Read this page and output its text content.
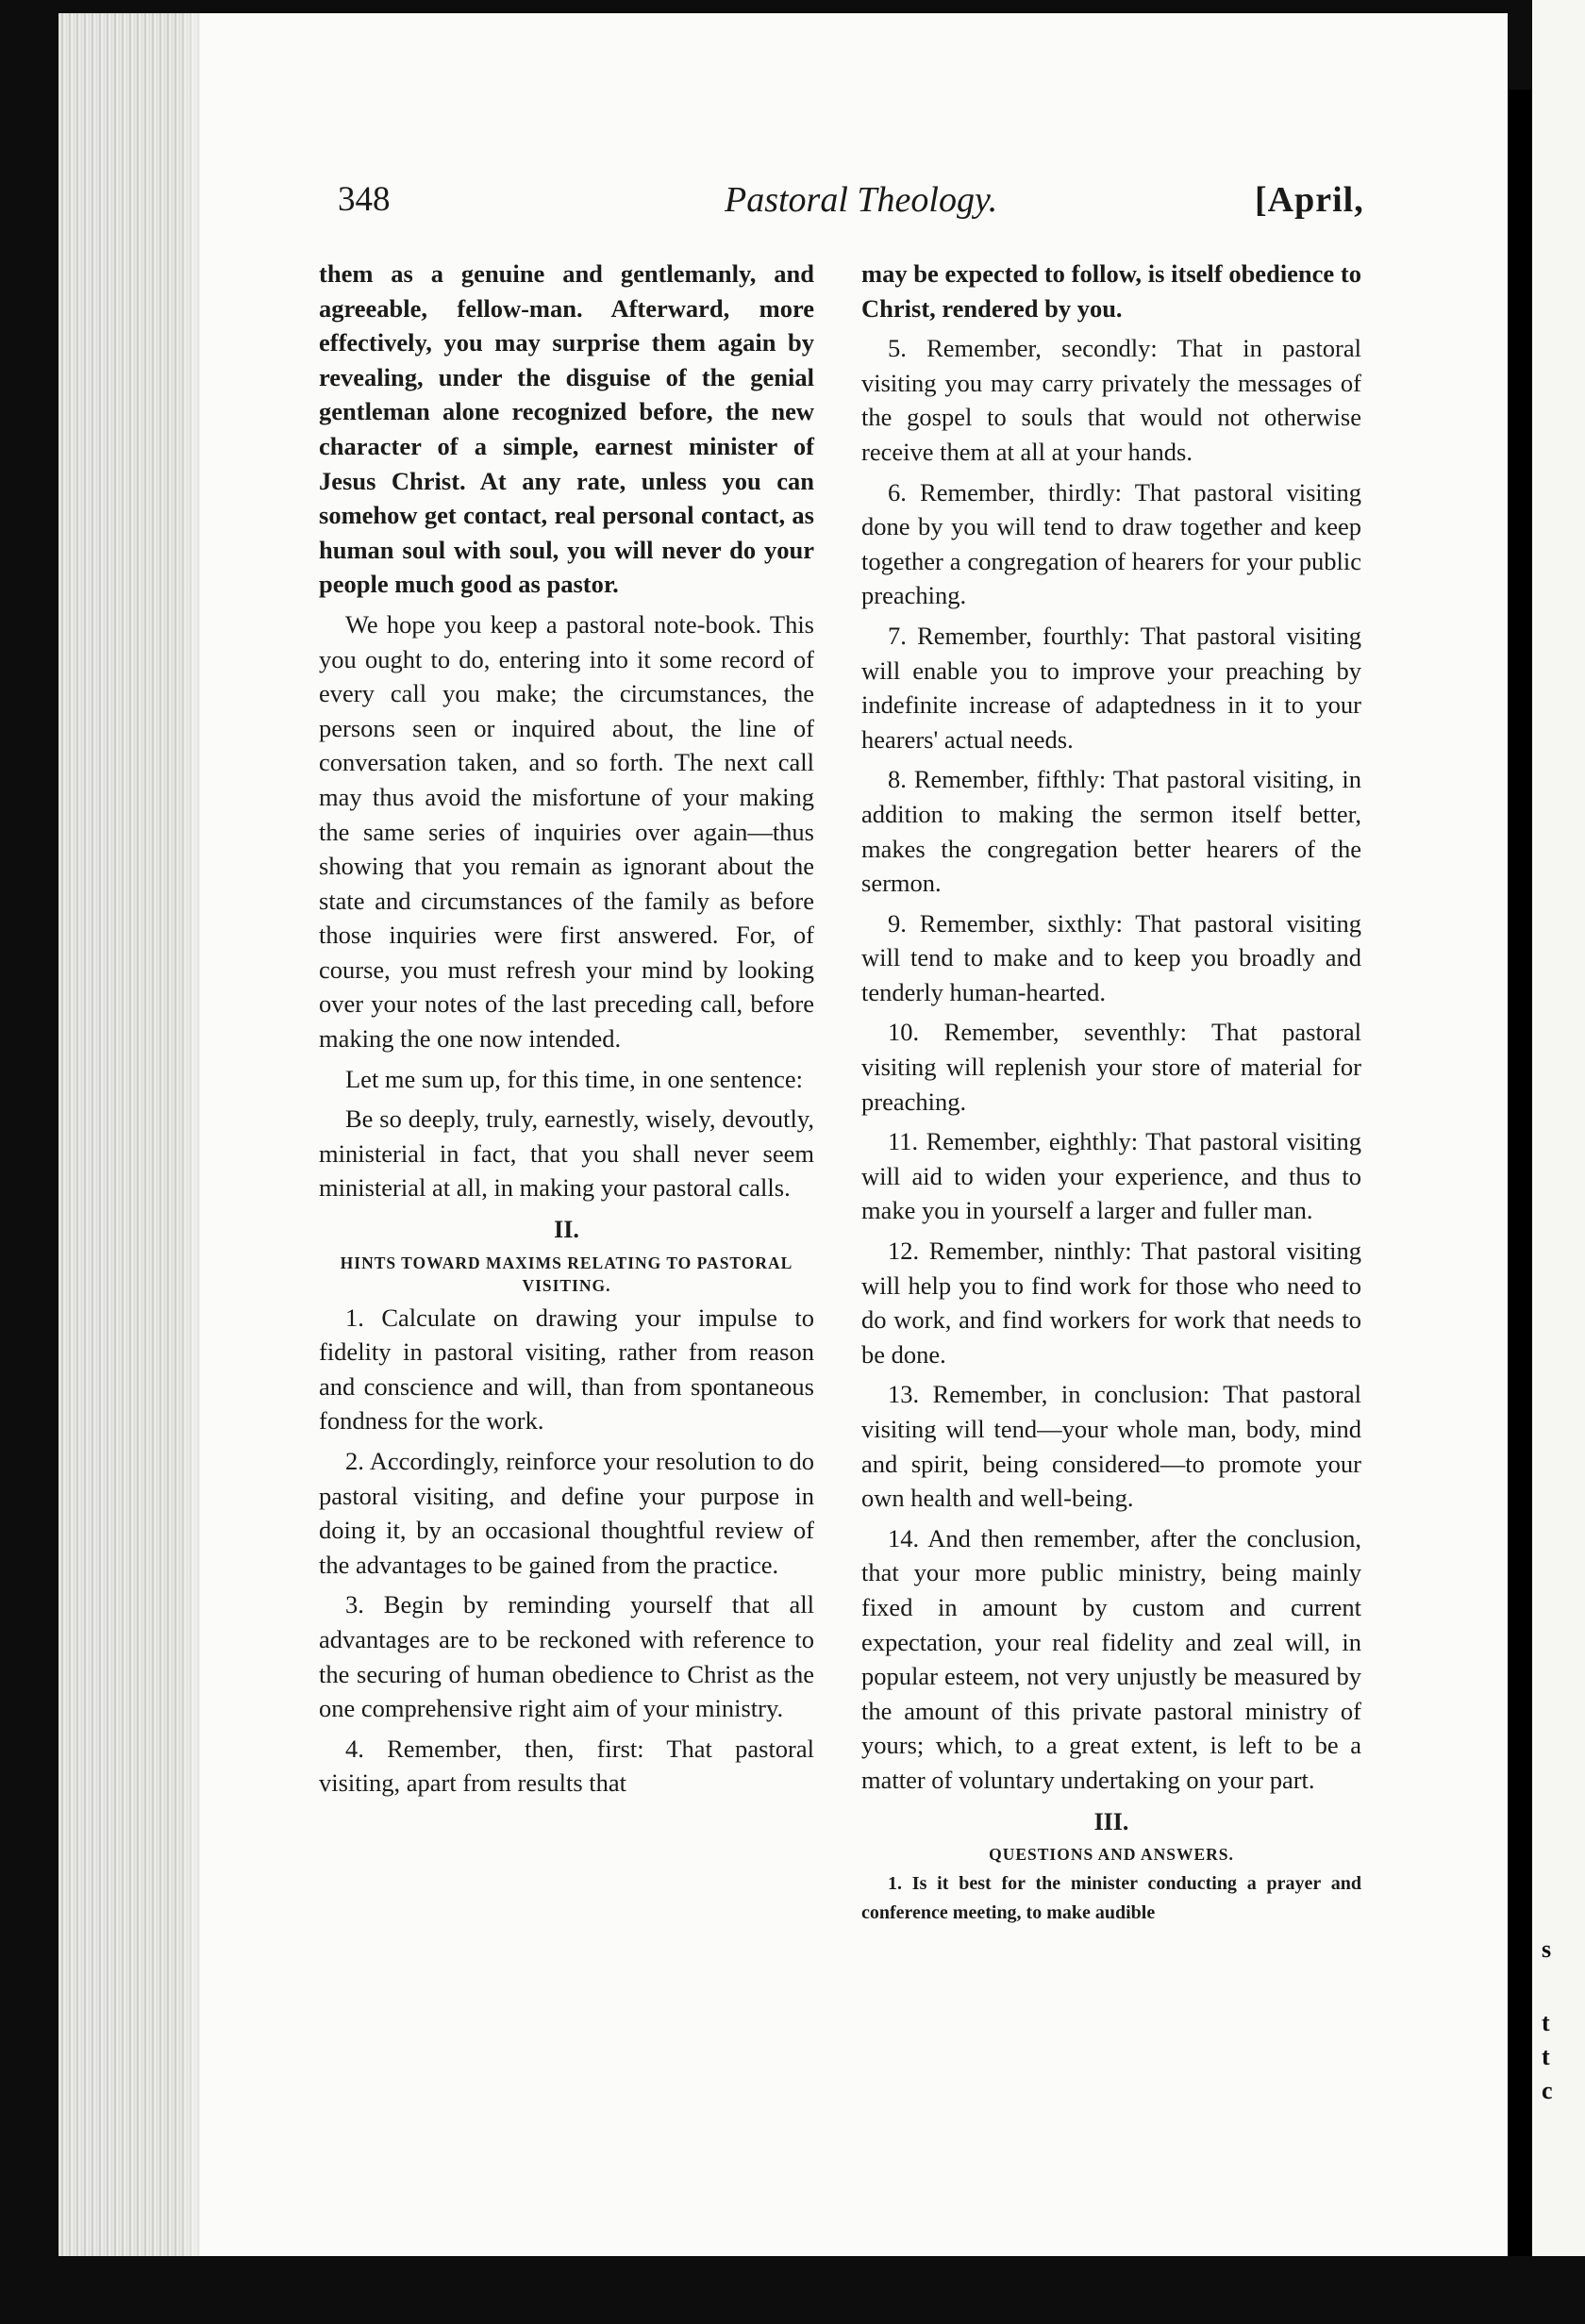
s
t
t
c
348	Pastoral Theology.	[April,

them as a genuine and gentlemanly, and agreeable, fellow-man. Afterward, more effectively, you may surprise them again by revealing, under the disguise of the genial gentleman alone recognized before, the new character of a simple, earnest minister of Jesus Christ. At any rate, unless you can somehow get contact, real personal contact, as human soul with soul, you will never do your people much good as pastor.

We hope you keep a pastoral note-book. This you ought to do, entering into it some record of every call you make; the circumstances, the persons seen or inquired about, the line of conversation taken, and so forth. The next call may thus avoid the misfortune of your making the same series of inquiries over again—thus showing that you remain as ignorant about the state and circumstances of the family as before those inquiries were first answered. For, of course, you must refresh your mind by looking over your notes of the last preceding call, before making the one now intended.

Let me sum up, for this time, in one sentence:

Be so deeply, truly, earnestly, wisely, devoutly, ministerial in fact, that you shall never seem ministerial at all, in making your pastoral calls.

II.
HINTS TOWARD MAXIMS RELATING TO PASTORAL VISITING.

1. Calculate on drawing your impulse to fidelity in pastoral visiting, rather from reason and conscience and will, than from spontaneous fondness for the work.

2. Accordingly, reinforce your resolution to do pastoral visiting, and define your purpose in doing it, by an occasional thoughtful review of the advantages to be gained from the practice.

3. Begin by reminding yourself that all advantages are to be reckoned with reference to the securing of human obedience to Christ as the one comprehensive right aim of your ministry.

4. Remember, then, first: That pastoral visiting, apart from results that

may be expected to follow, is itself obedience to Christ, rendered by you.

5. Remember, secondly: That in pastoral visiting you may carry privately the messages of the gospel to souls that would not otherwise receive them at all at your hands.

6. Remember, thirdly: That pastoral visiting done by you will tend to draw together and keep together a congregation of hearers for your public preaching.

7. Remember, fourthly: That pastoral visiting will enable you to improve your preaching by indefinite increase of adaptedness in it to your hearers' actual needs.

8. Remember, fifthly: That pastoral visiting, in addition to making the sermon itself better, makes the congregation better hearers of the sermon.

9. Remember, sixthly: That pastoral visiting will tend to make and to keep you broadly and tenderly human-hearted.

10. Remember, seventhly: That pastoral visiting will replenish your store of material for preaching.

11. Remember, eighthly: That pastoral visiting will aid to widen your experience, and thus to make you in yourself a larger and fuller man.

12. Remember, ninthly: That pastoral visiting will help you to find work for those who need to do work, and find workers for work that needs to be done.

13. Remember, in conclusion: That pastoral visiting will tend—your whole man, body, mind and spirit, being considered—to promote your own health and well-being.

14. And then remember, after the conclusion, that your more public ministry, being mainly fixed in amount by custom and current expectation, your real fidelity and zeal will, in popular esteem, not very unjustly be measured by the amount of this private pastoral ministry of yours; which, to a great extent, is left to be a matter of voluntary undertaking on your part.

III.
QUESTIONS AND ANSWERS.

1. Is it best for the minister conducting a prayer and conference meeting, to make audible
